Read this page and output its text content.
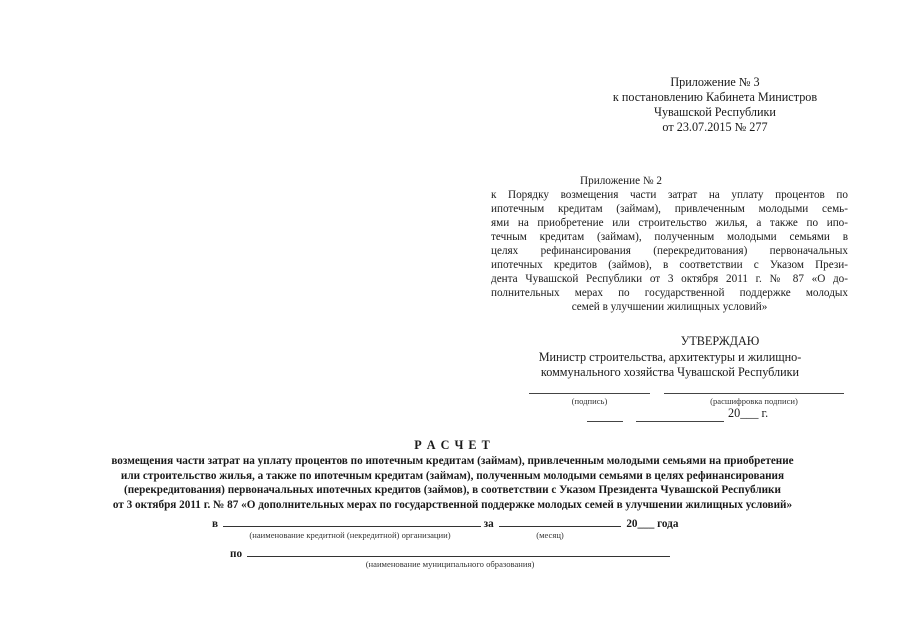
Приложение № 3
к постановлению Кабинета Министров
Чувашской Республики
от 23.07.2015 № 277
Приложение № 2
к Порядку возмещения части затрат на уплату процентов по
ипотечным кредитам (займам), привлеченным молодыми семь-
ями на приобретение или строительство жилья, а также по ипо-
течным кредитам (займам), полученным молодыми семьями в
целях рефинансирования (перекредитования) первоначальных
ипотечных кредитов (займов), в соответствии с Указом Прези-
дента Чувашской Республики от 3 октября 2011 г. № 87 «О до-
полнительных мерах по государственной поддержке молодых
семей в улучшении жилищных условий»
УТВЕРЖДАЮ
Министр строительства, архитектуры и жилищно-
коммунального хозяйства Чувашской Республики
(подпись)	(расшифровка подписи)
20___ г.
Р А С Ч Е Т
возмещения части затрат на уплату процентов по ипотечным кредитам (займам), привлеченным молодыми семьями на приобретение
или строительство жилья, а также по ипотечным кредитам (займам), полученным молодыми семьями в целях рефинансирования
(перекредитования) первоначальных ипотечных кредитов (займов), в соответствии с Указом Президента Чувашской Республики
от 3 октября 2011 г. № 87 «О дополнительных мерах по государственной поддержке молодых семей в улучшении жилищных условий»
в	за	20___ года
(наименование кредитной (некредитной) организации)	(месяц)
по
(наименование муниципального образования)
